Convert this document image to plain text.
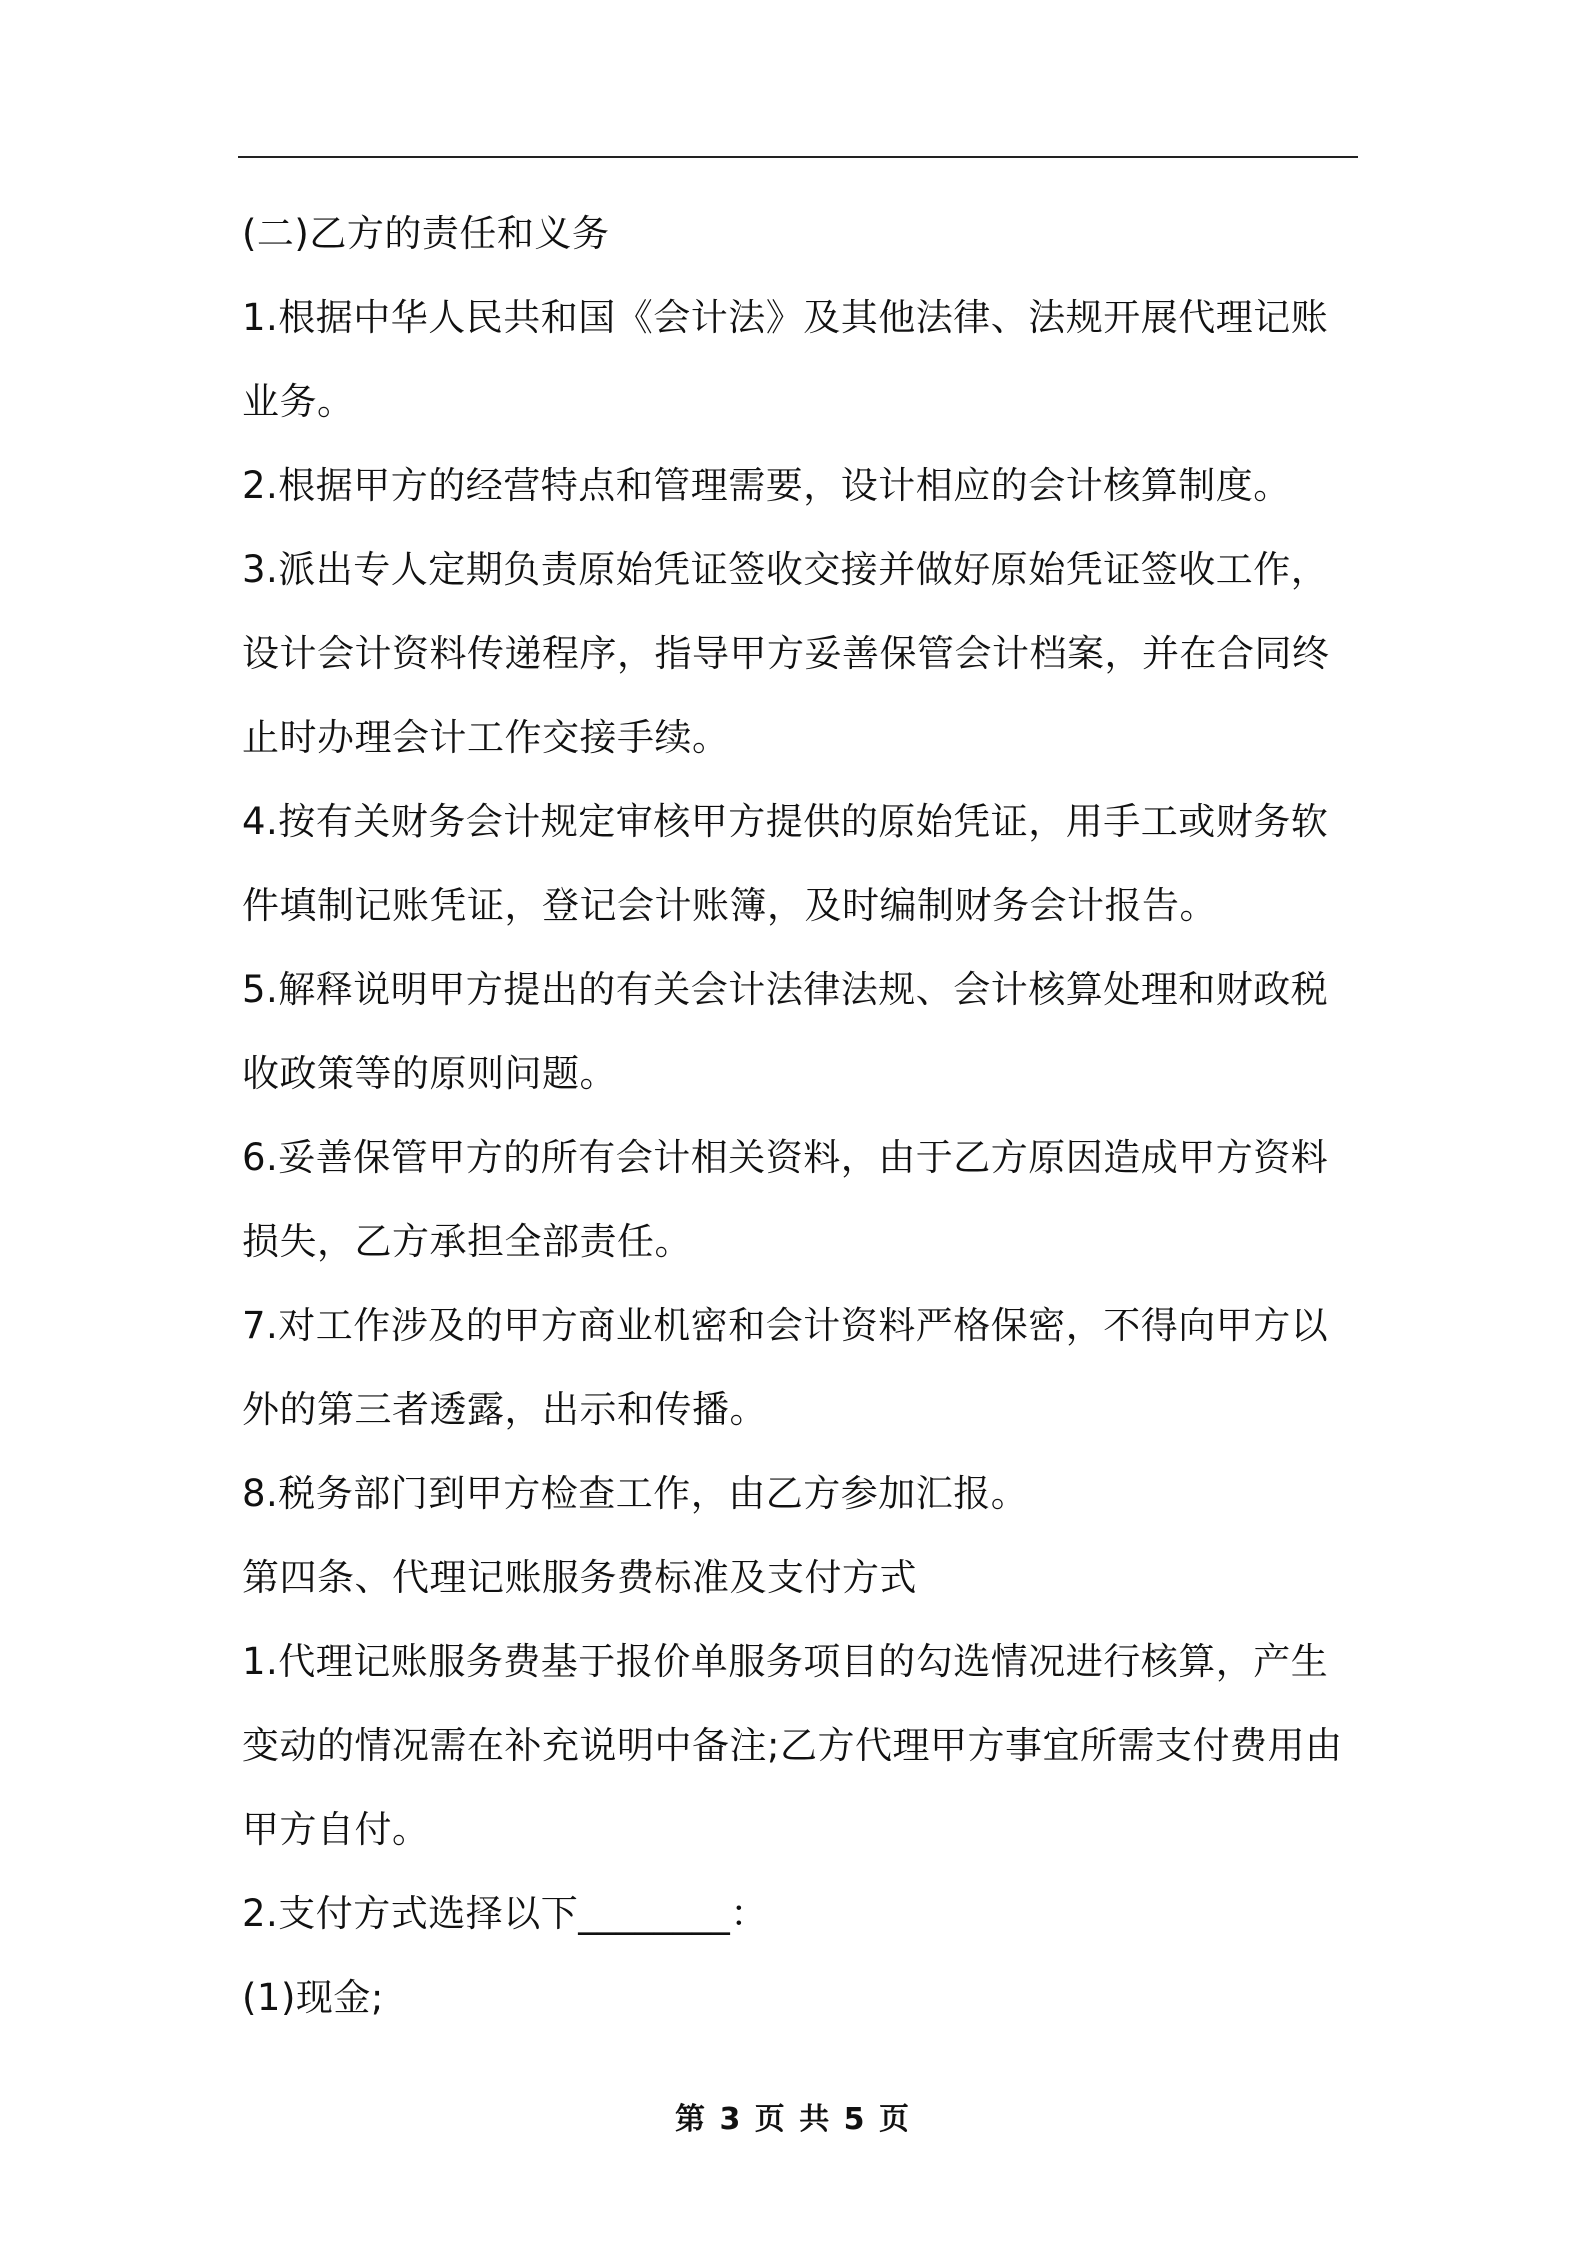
(二)乙方的责任和义务

1.根据中华人民共和国《会计法》及其他法律、法规开展代理记账业务。

2.根据甲方的经营特点和管理需要，设计相应的会计核算制度。

3.派出专人定期负责原始凭证签收交接并做好原始凭证签收工作，设计会计资料传递程序，指导甲方妥善保管会计档案，并在合同终止时办理会计工作交接手续。

4.按有关财务会计规定审核甲方提供的原始凭证，用手工或财务软件填制记账凭证，登记会计账簿，及时编制财务会计报告。

5.解释说明甲方提出的有关会计法律法规、会计核算处理和财政税收政策等的原则问题。

6.妥善保管甲方的所有会计相关资料，由于乙方原因造成甲方资料损失，乙方承担全部责任。

7.对工作涉及的甲方商业机密和会计资料严格保密，不得向甲方以外的第三者透露，出示和传播。

8.税务部门到甲方检查工作，由乙方参加汇报。

第四条、代理记账服务费标准及支付方式

1.代理记账服务费基于报价单服务项目的勾选情况进行核算，产生变动的情况需在补充说明中备注;乙方代理甲方事宜所需支付费用由甲方自付。

2.支付方式选择以下________：

(1)现金;

第 3 页 共 5 页
